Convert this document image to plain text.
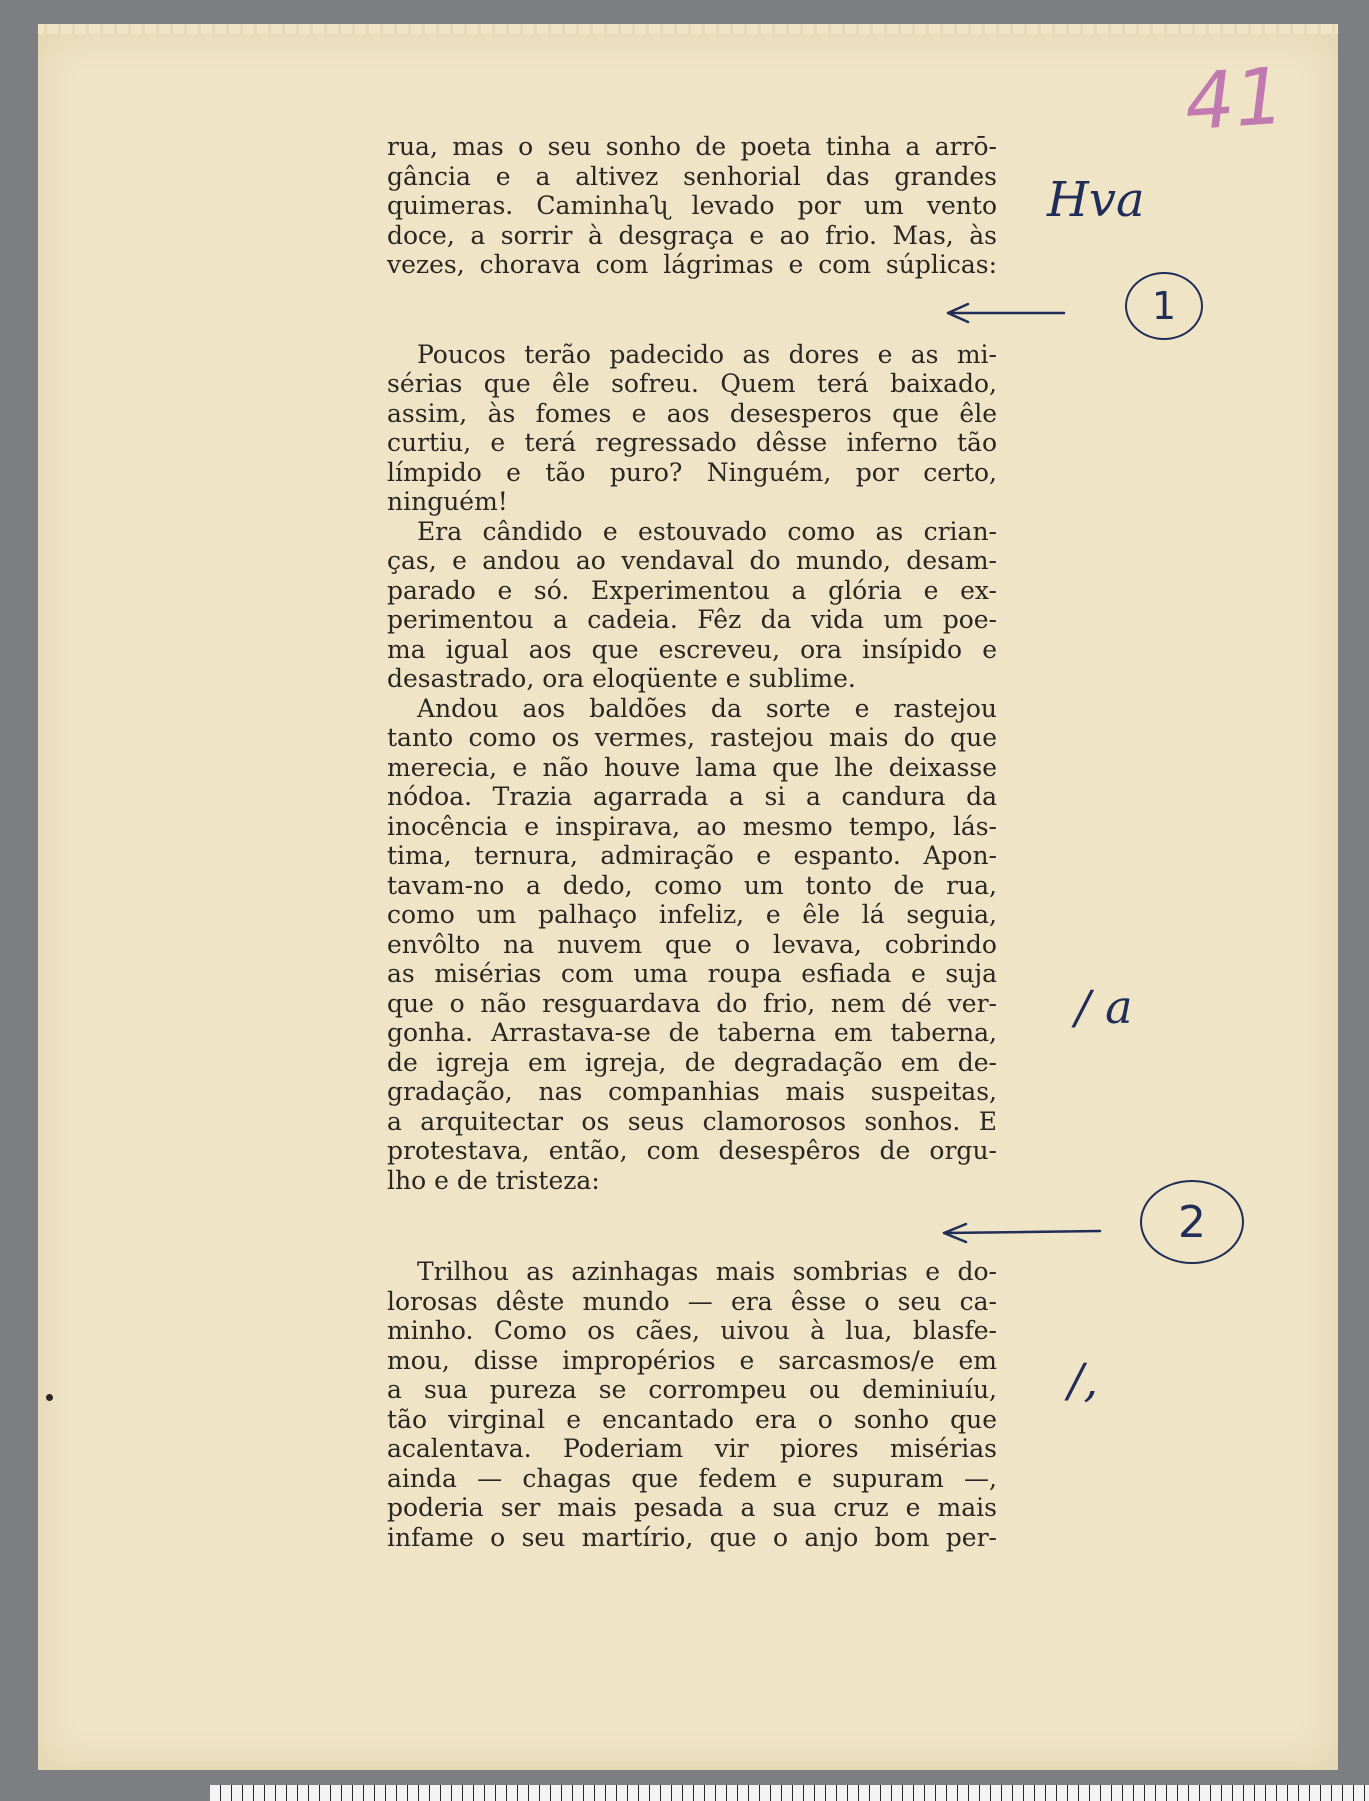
41
Hva
1
2
/ a
/,
rua, mas o seu sonho de poeta tinha a arrō-
gância e a altivez senhorial das grandes
quimeras. Caminhaʯ levado por um vento
doce, a sorrir à desgraça e ao frio. Mas, às
vezes, chorava com lágrimas e com súplicas:
Poucos terão padecido as dores e as mi-
sérias que êle sofreu. Quem terá baixado,
assim, às fomes e aos desesperos que êle
curtiu, e terá regressado dêsse inferno tão
límpido e tão puro? Ninguém, por certo,
ninguém!
Era cândido e estouvado como as crian-
ças, e andou ao vendaval do mundo, desam-
parado e só. Experimentou a glória e ex-
perimentou a cadeia. Fêz da vida um poe-
ma igual aos que escreveu, ora insípido e
desastrado, ora eloqüente e sublime.
Andou aos baldões da sorte e rastejou
tanto como os vermes, rastejou mais do que
merecia, e não houve lama que lhe deixasse
nódoa. Trazia agarrada a si a candura da
inocência e inspirava, ao mesmo tempo, lás-
tima, ternura, admiração e espanto. Apon-
tavam-no a dedo, como um tonto de rua,
como um palhaço infeliz, e êle lá seguia,
envôlto na nuvem que o levava, cobrindo
as misérias com uma roupa esfiada e suja
que o não resguardava do frio, nem dé ver-
gonha. Arrastava-se de taberna em taberna,
de igreja em igreja, de degradação em de-
gradação, nas companhias mais suspeitas,
a arquitectar os seus clamorosos sonhos. E
protestava, então, com desespêros de orgu-
lho e de tristeza:
Trilhou as azinhagas mais sombrias e do-
lorosas dêste mundo — era êsse o seu ca-
minho. Como os cães, uivou à lua, blasfe-
mou, disse impropérios e sarcasmos/e em
a sua pureza se corrompeu ou deminiuíu,
tão virginal e encantado era o sonho que
acalentava. Poderiam vir piores misérias
ainda — chagas que fedem e supuram —,
poderia ser mais pesada a sua cruz e mais
infame o seu martírio, que o anjo bom per-
